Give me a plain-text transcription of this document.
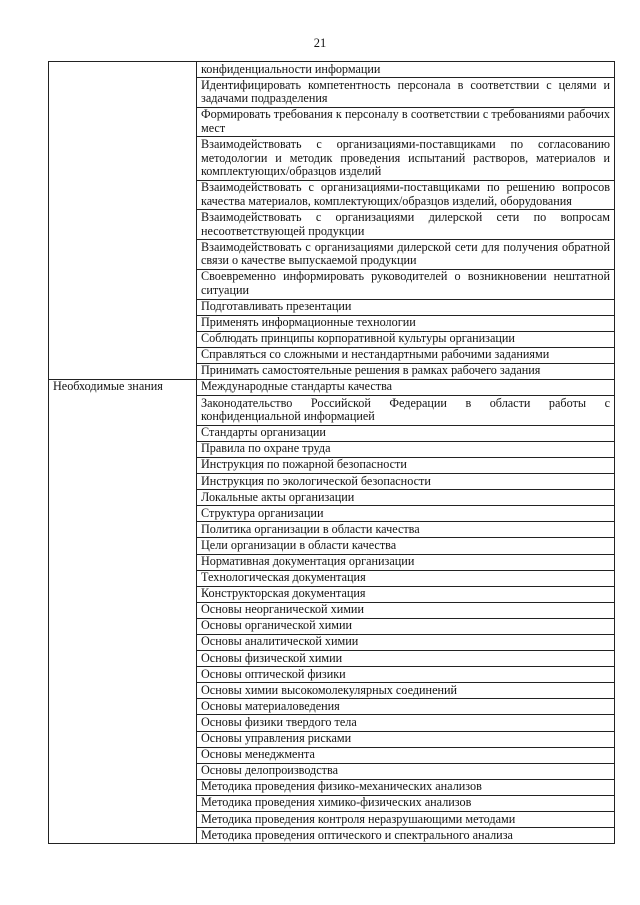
21
	конфиденциальности информации
	Идентифицировать компетентность персонала в соответствии с целями и задачами подразделения
	Формировать требования к персоналу в соответствии с требованиями рабочих мест
	Взаимодействовать с организациями-поставщиками по согласованию методологии и методик проведения испытаний растворов, материалов и комплектующих/образцов изделий
	Взаимодействовать с организациями-поставщиками по решению вопросов качества материалов, комплектующих/образцов изделий, оборудования
	Взаимодействовать с организациями дилерской сети по вопросам несоответствующей продукции
	Взаимодействовать с организациями дилерской сети для получения обратной связи о качестве выпускаемой продукции
	Своевременно информировать руководителей о возникновении нештатной ситуации
	Подготавливать презентации
	Применять информационные технологии
	Соблюдать принципы корпоративной культуры организации
	Справляться со сложными и нестандартными рабочими заданиями
	Принимать самостоятельные решения в рамках рабочего задания
Необходимые знания	Международные стандарты качества
	Законодательство Российской Федерации в области работы с конфиденциальной информацией
	Стандарты организации
	Правила по охране труда
	Инструкция по пожарной безопасности
	Инструкция по экологической безопасности
	Локальные акты организации
	Структура организации
	Политика организации в области качества
	Цели организации в области качества
	Нормативная документация организации
	Технологическая документация
	Конструкторская документация
	Основы неорганической химии
	Основы органической химии
	Основы аналитической химии
	Основы физической химии
	Основы оптической физики
	Основы химии высокомолекулярных соединений
	Основы материаловедения
	Основы физики твердого тела
	Основы управления рисками
	Основы менеджмента
	Основы делопроизводства
	Методика проведения физико-механических анализов
	Методика проведения химико-физических анализов
	Методика проведения контроля неразрушающими методами
	Методика проведения оптического и спектрального анализа
